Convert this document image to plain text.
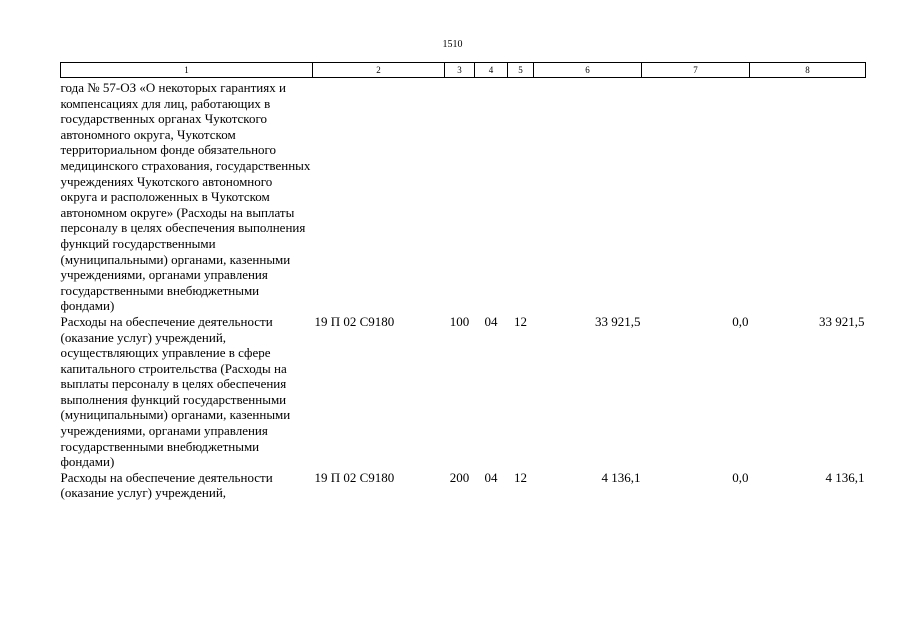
1510
1	2	3	4	5	6	7	8
года № 57-ОЗ «О некоторых гарантиях и компенсациях для лиц, работающих в государственных органах Чукотского автономного округа, Чукотском территориальном фонде обязательного медицинского страхования, государственных учреждениях Чукотского автономного округа и расположенных в Чукотском автономном округе» (Расходы на выплаты персоналу в целях обеспечения выполнения функций государственными (муниципальными) органами, казенными учреждениями, органами управления государственными внебюджетными фондами)							
Расходы на обеспечение деятельности (оказание услуг) учреждений, осуществляющих управление в сфере капитального строительства (Расходы на выплаты персоналу в целях обеспечения выполнения функций государственными (муниципальными) органами, казенными учреждениями, органами управления государственными внебюджетными фондами)	19 П 02 С9180	100	04	12	33 921,5	0,0	33 921,5
Расходы на обеспечение деятельности (оказание услуг) учреждений,	19 П 02 С9180	200	04	12	4 136,1	0,0	4 136,1
